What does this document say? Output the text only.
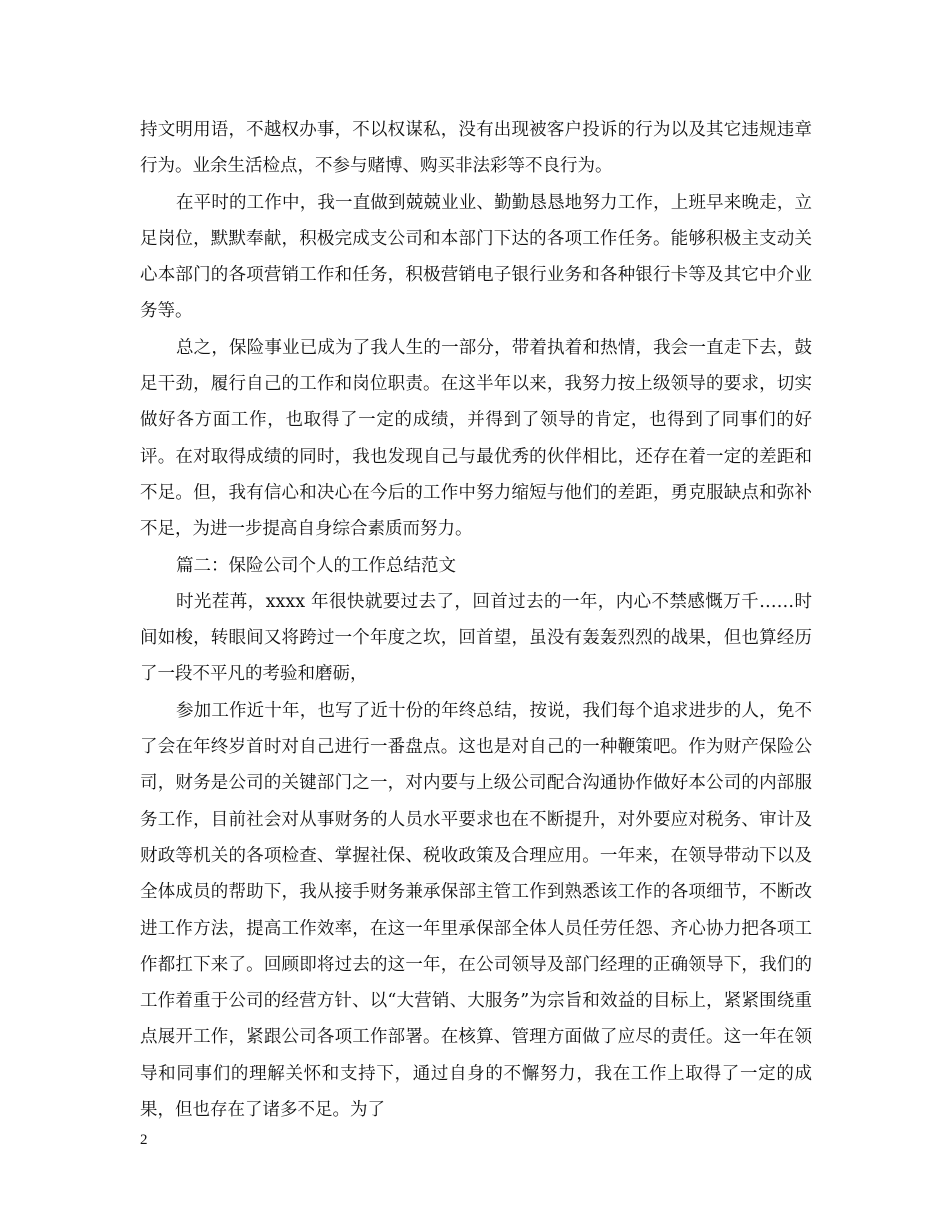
持文明用语，不越权办事，不以权谋私，没有出现被客户投诉的行为以及其它违规违章行为。业余生活检点，不参与赌博、购买非法彩等不良行为。

在平时的工作中，我一直做到兢兢业业、勤勤恳恳地努力工作，上班早来晚走，立足岗位，默默奉献，积极完成支公司和本部门下达的各项工作任务。能够积极主支动关心本部门的各项营销工作和任务，积极营销电子银行业务和各种银行卡等及其它中介业务等。

总之，保险事业已成为了我人生的一部分，带着执着和热情，我会一直走下去，鼓足干劲，履行自己的工作和岗位职责。在这半年以来，我努力按上级领导的要求，切实做好各方面工作，也取得了一定的成绩，并得到了领导的肯定，也得到了同事们的好评。在对取得成绩的同时，我也发现自己与最优秀的伙伴相比，还存在着一定的差距和不足。但，我有信心和决心在今后的工作中努力缩短与他们的差距，勇克服缺点和弥补不足，为进一步提高自身综合素质而努力。

篇二：保险公司个人的工作总结范文

时光茬苒，xxxx 年很快就要过去了，回首过去的一年，内心不禁感慨万千……时间如梭，转眼间又将跨过一个年度之坎，回首望，虽没有轰轰烈烈的战果，但也算经历了一段不平凡的考验和磨砺，

参加工作近十年，也写了近十份的年终总结，按说，我们每个追求进步的人，免不了会在年终岁首时对自己进行一番盘点。这也是对自己的一种鞭策吧。作为财产保险公司，财务是公司的关键部门之一，对内要与上级公司配合沟通协作做好本公司的内部服务工作，目前社会对从事财务的人员水平要求也在不断提升，对外要应对税务、审计及财政等机关的各项检查、掌握社保、税收政策及合理应用。一年来，在领导带动下以及全体成员的帮助下，我从接手财务兼承保部主管工作到熟悉该工作的各项细节，不断改进工作方法，提高工作效率，在这一年里承保部全体人员任劳任怨、齐心协力把各项工作都扛下来了。回顾即将过去的这一年，在公司领导及部门经理的正确领导下，我们的工作着重于公司的经营方针、以“大营销、大服务”为宗旨和效益的目标上，紧紧围绕重点展开工作，紧跟公司各项工作部署。在核算、管理方面做了应尽的责任。这一年在领导和同事们的理解关怀和支持下，通过自身的不懈努力，我在工作上取得了一定的成果，但也存在了诸多不足。为了

2
